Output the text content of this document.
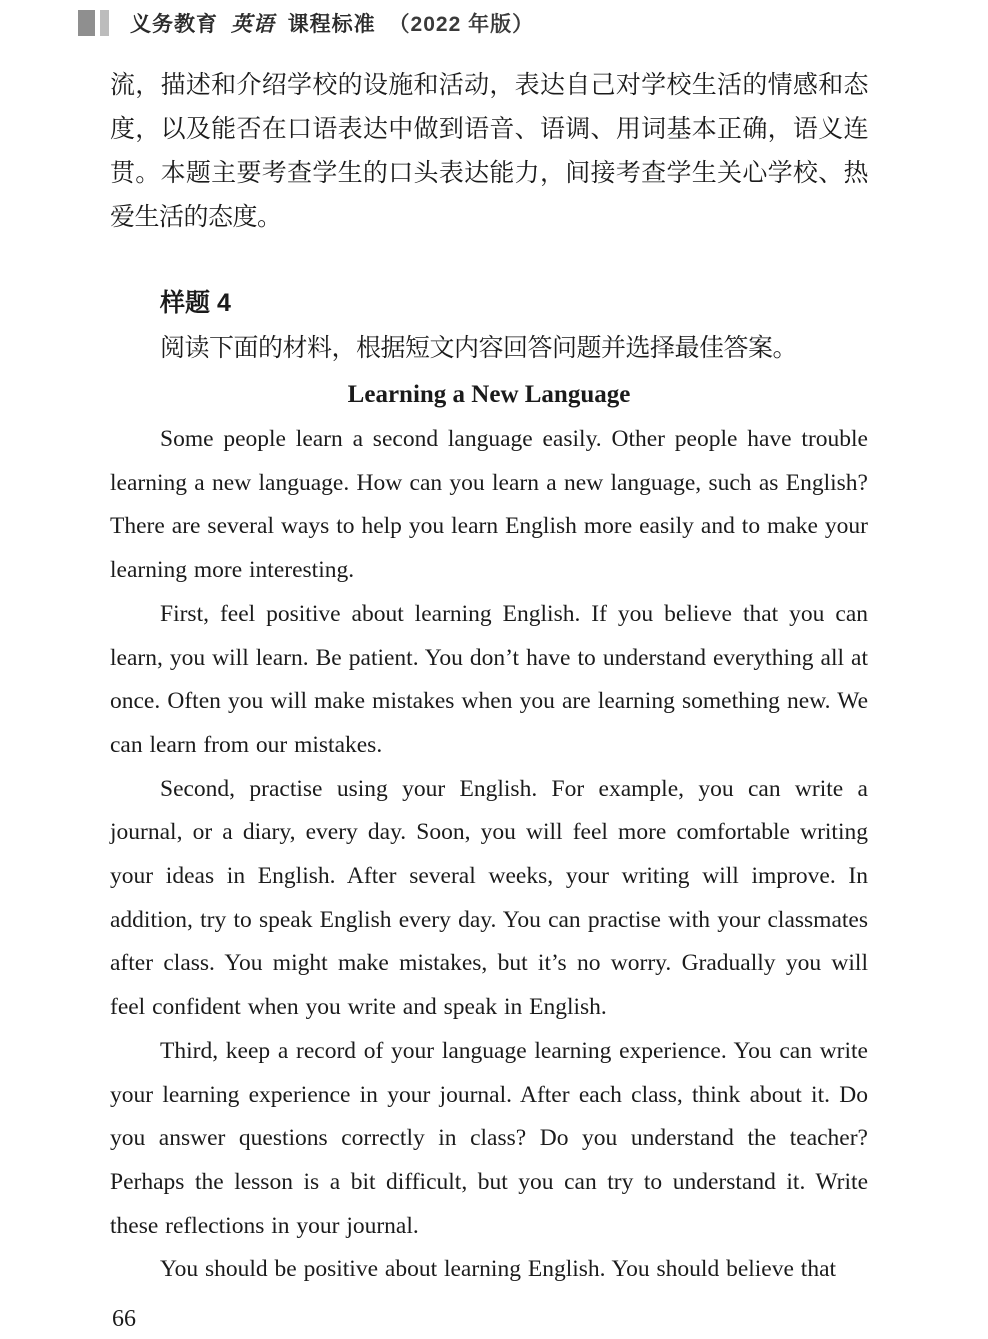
义务教育 英语 课程标准 （2022 年版）

流，描述和介绍学校的设施和活动，表达自己对学校生活的情感和态度，以及能否在口语表达中做到语音、语调、用词基本正确，语义连贯。本题主要考查学生的口头表达能力，间接考查学生关心学校、热爱生活的态度。

样题 4

阅读下面的材料，根据短文内容回答问题并选择最佳答案。

Learning a New Language

Some people learn a second language easily. Other people have trouble learning a new language. How can you learn a new language, such as English? There are several ways to help you learn English more easily and to make your learning more interesting.

First, feel positive about learning English. If you believe that you can learn, you will learn. Be patient. You don’t have to understand everything all at once. Often you will make mistakes when you are learning something new. We can learn from our mistakes.

Second, practise using your English. For example, you can write a journal, or a diary, every day. Soon, you will feel more comfortable writing your ideas in English. After several weeks, your writing will improve. In addition, try to speak English every day. You can practise with your classmates after class. You might make mistakes, but it’s no worry. Gradually you will feel confident when you write and speak in English.

Third, keep a record of your language learning experience. You can write your learning experience in your journal. After each class, think about it. Do you answer questions correctly in class? Do you understand the teacher? Perhaps the lesson is a bit difficult, but you can try to understand it. Write these reflections in your journal.

You should be positive about learning English. You should believe that

66
